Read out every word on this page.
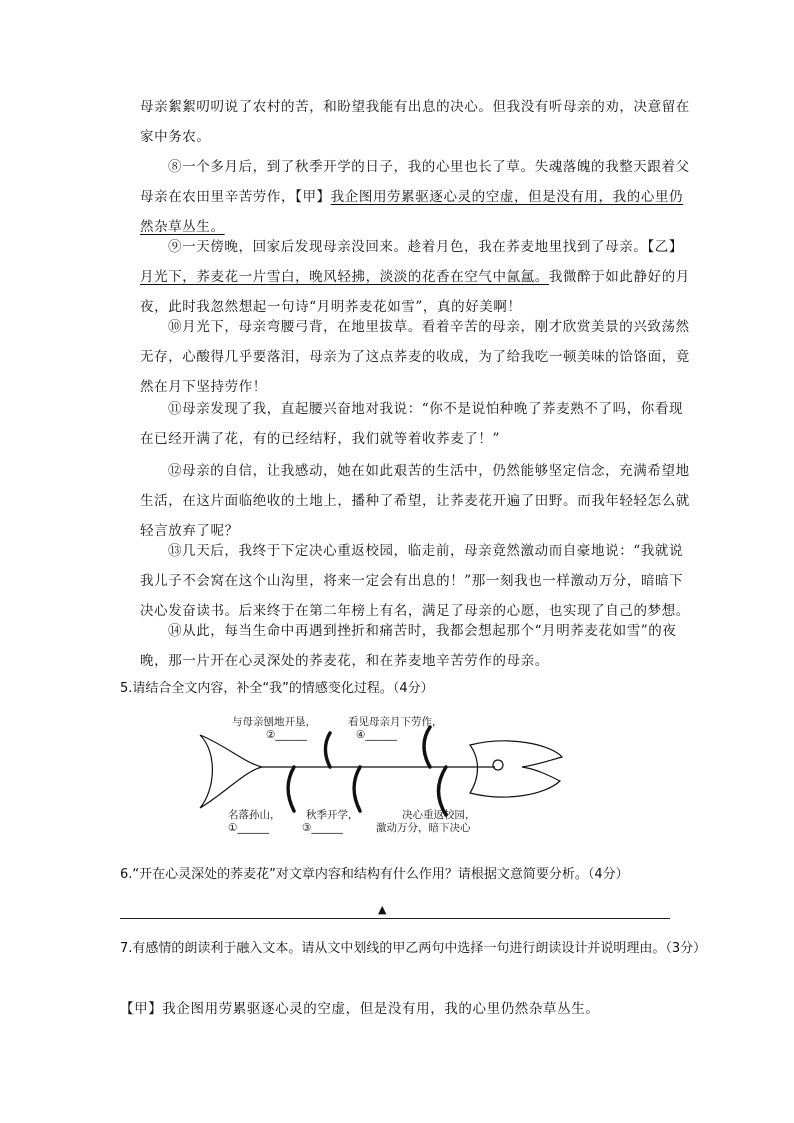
母亲絮絮叨叨说了农村的苦，和盼望我能有出息的决心。但我没有听母亲的劝，决意留在家中务农。

⑧一个多月后，到了秋季开学的日子，我的心里也长了草。失魂落魄的我整天跟着父母亲在农田里辛苦劳作，【甲】我企图用劳累驱逐心灵的空虚，但是没有用，我的心里仍然杂草丛生。

⑨一天傍晚，回家后发现母亲没回来。趁着月色，我在荞麦地里找到了母亲。【乙】月光下，荞麦花一片雪白，晚风轻拂，淡淡的花香在空气中氤氲。我微醉于如此静好的月夜，此时我忽然想起一句诗“月明荞麦花如雪”，真的好美啊！

⑩月光下，母亲弯腰弓背，在地里拔草。看着辛苦的母亲，刚才欣赏美景的兴致荡然无存，心酸得几乎要落泪，母亲为了这点荞麦的收成，为了给我吃一顿美味的饸饹面，竟然在月下坚持劳作！

⑪母亲发现了我，直起腰兴奋地对我说：“你不是说怕种晚了荞麦熟不了吗，你看现在已经开满了花，有的已经结籽，我们就等着收荞麦了！”

⑫母亲的自信，让我感动，她在如此艰苦的生活中，仍然能够坚定信念，充满希望地生活，在这片面临绝收的土地上，播种了希望，让荞麦花开遍了田野。而我年轻轻怎么就轻言放弃了呢？

⑬几天后，我终于下定决心重返校园，临走前，母亲竟然激动而自豪地说：“我就说我儿子不会窝在这个山沟里，将来一定会有出息的！”那一刻我也一样激动万分，暗暗下决心发奋读书。后来终于在第二年榜上有名，满足了母亲的心愿，也实现了自己的梦想。

⑭从此，每当生命中再遇到挫折和痛苦时，我都会想起那个“月明荞麦花如雪”的夜晚，那一片开在心灵深处的荞麦花，和在荞麦地辛苦劳作的母亲。

5.请结合全文内容，补全“我”的情感变化过程。（4分）

与母亲刨地开垦，
②______
看见母亲月下劳作，
④______
名落孙山，
①______
秋季开学，
③______
决心重返校园，
激动万分，暗下决心

6.“开在心灵深处的荞麦花”对文章内容和结构有什么作用？请根据文意简要分析。（4分）

▲

7.有感情的朗读利于融入文本。请从文中划线的甲乙两句中选择一句进行朗读设计并说明理由。（3分）

【甲】我企图用劳累驱逐心灵的空虚，但是没有用，我的心里仍然杂草丛生。
